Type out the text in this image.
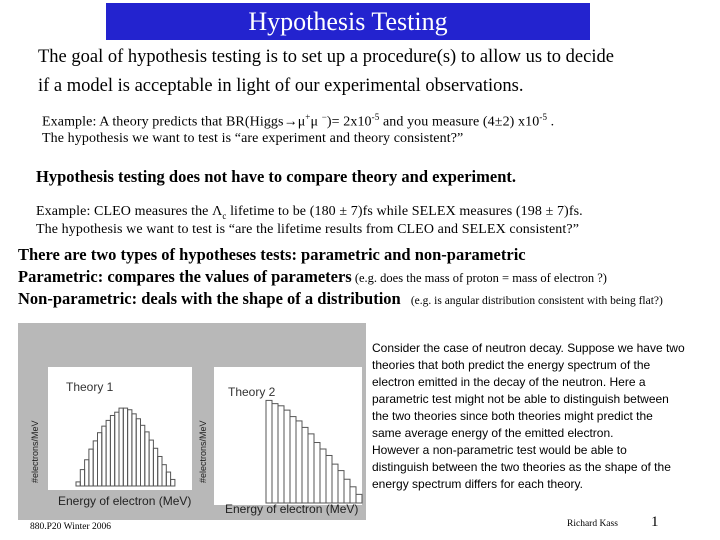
Hypothesis Testing
The goal of hypothesis testing is to set up a procedure(s) to allow us to decide
if a model is acceptable in light of our experimental observations.
Example: A theory predicts that BR(Higgs→μ+μ $^-)= 2x10^{-5}$ and you measure (4±2) $x10^{-5}$ .
The hypothesis we want to test is “are experiment and theory consistent?”
Hypothesis testing does not have to compare theory and experiment.
Example: CLEO measures the $\Lambda_c$ lifetime to be (180 ± 7)fs while SELEX measures (198 ± 7)fs.
The hypothesis we want to test is “are the lifetime results from CLEO and SELEX consistent?”
There are two types of hypotheses tests: parametric and non-parametric
Parametric: compares the values of parameters (e.g. does the mass of proton = mass of electron ?)
Non-parametric: deals with the shape of a distribution (e.g. is angular distribution consistent with being flat?)
Theory 1
Energy of electron (MeV)
#electrons/MeV
Theory 2
Energy of electron (MeV)
#electrons/MeV
Consider the case of neutron decay. Suppose we have two
theories that both predict the energy spectrum of the
electron emitted in the decay of the neutron. Here a
parametric test might not be able to distinguish between
the two theories since both theories might predict the
same average energy of the emitted electron.
However a non-parametric test would be able to
distinguish between the two theories as the shape of the
energy spectrum differs for each theory.
880.P20 Winter 2006	Richard Kass 1
